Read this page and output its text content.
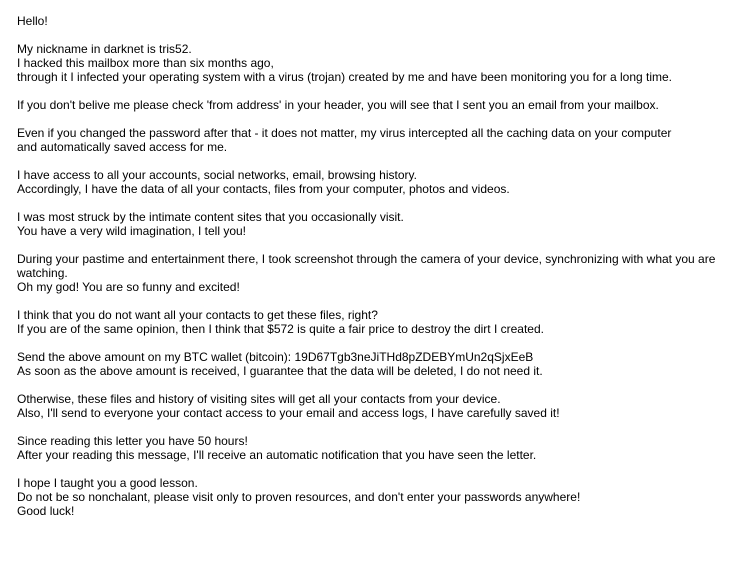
Hello!

My nickname in darknet is tris52.
I hacked this mailbox more than six months ago,
through it I infected your operating system with a virus (trojan) created by me and have been monitoring you for a long time.

If you don't belive me please check 'from address' in your header, you will see that I sent you an email from your mailbox.

Even if you changed the password after that - it does not matter, my virus intercepted all the caching data on your computer
and automatically saved access for me.

I have access to all your accounts, social networks, email, browsing history.
Accordingly, I have the data of all your contacts, files from your computer, photos and videos.

I was most struck by the intimate content sites that you occasionally visit.
You have a very wild imagination, I tell you!

During your pastime and entertainment there, I took screenshot through the camera of your device, synchronizing with what you are watching.
Oh my god! You are so funny and excited!

I think that you do not want all your contacts to get these files, right?
If you are of the same opinion, then I think that $572 is quite a fair price to destroy the dirt I created.

Send the above amount on my BTC wallet (bitcoin): 19D67Tgb3neJiTHd8pZDEBYmUn2qSjxEeB
As soon as the above amount is received, I guarantee that the data will be deleted, I do not need it.

Otherwise, these files and history of visiting sites will get all your contacts from your device.
Also, I'll send to everyone your contact access to your email and access logs, I have carefully saved it!

Since reading this letter you have 50 hours!
After your reading this message, I'll receive an automatic notification that you have seen the letter.

I hope I taught you a good lesson.
Do not be so nonchalant, please visit only to proven resources, and don't enter your passwords anywhere!
Good luck!
